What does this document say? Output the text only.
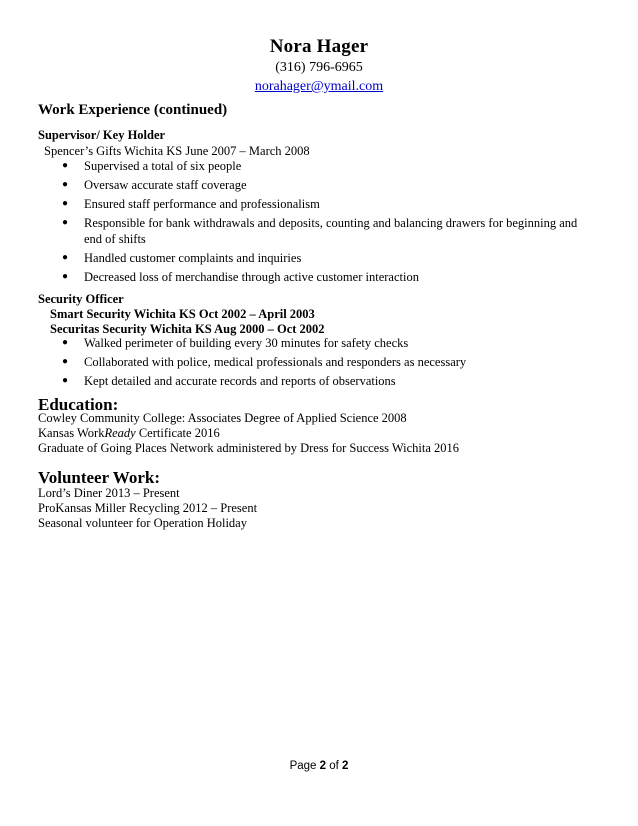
Nora Hager
(316) 796-6965
norahager@ymail.com
Work Experience (continued)
Supervisor/ Key Holder
Spencer’s Gifts Wichita KS June 2007 – March 2008
●	Supervised a total of six people
●	Oversaw accurate staff coverage
●	Ensured staff performance and professionalism
●	Responsible for bank withdrawals and deposits, counting and balancing drawers for beginning and end of shifts
●	Handled customer complaints and inquiries
●	Decreased loss of merchandise through active customer interaction
Security Officer
Smart Security Wichita KS Oct 2002 – April 2003
Securitas Security Wichita KS Aug 2000 – Oct 2002
●	Walked perimeter of building every 30 minutes for safety checks
●	Collaborated with police, medical professionals and responders as necessary
●	Kept detailed and accurate records and reports of observations
Education:
Cowley Community College: Associates Degree of Applied Science 2008
Kansas WorkReady Certificate 2016
Graduate of Going Places Network administered by Dress for Success Wichita 2016
Volunteer Work:
Lord’s Diner 2013 – Present
ProKansas Miller Recycling 2012 – Present
Seasonal volunteer for Operation Holiday
Page 2 of 2
